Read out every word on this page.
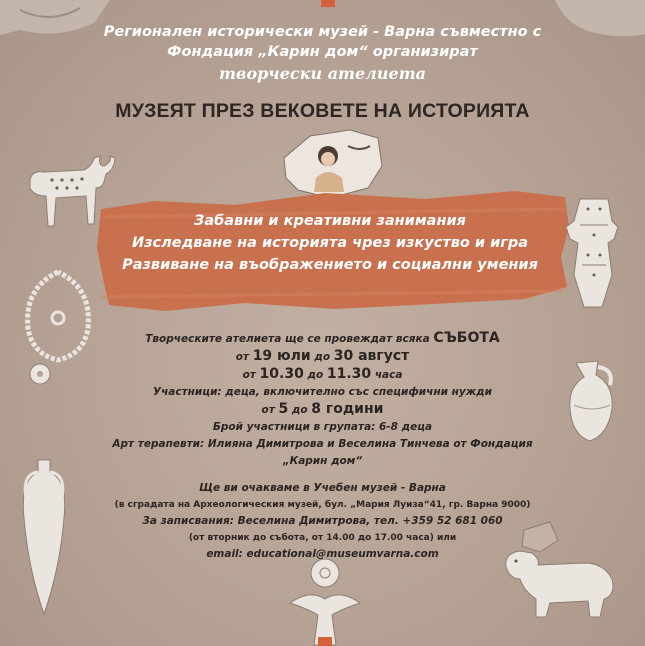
Регионален исторически музей - Варна съвместно с
Фондация „Карин дом“ организират
творчески ателиета
МУЗЕЯТ ПРЕЗ ВЕКОВЕТЕ НА ИСТОРИЯТА
Забавни и креативни занимания
Изследване на историята чрез изкуство и игра
Развиване на въображението и социални умения
Творческите ателиета ще се провеждат всяка СЪБОТА
от 19 юли до 30 август
от 10.30 до 11.30 часа
Участници: деца, включително със специфични нужди
от 5 до 8 години
Брой участници в групата: 6-8 деца
Арт терапевти: Илияна Димитрова и Веселина Тинчева от Фондация „Карин дом“
Ще ви очакваме в Учебен музей - Варна
(в сградата на Археологическия музей, бул. „Мария Луиза“41, гр. Варна 9000)
За записвания: Веселина Димитрова, тел. +359 52 681 060
(от вторник до събота, от 14.00 до 17.00 часа) или
email: educational@museumvarna.com
